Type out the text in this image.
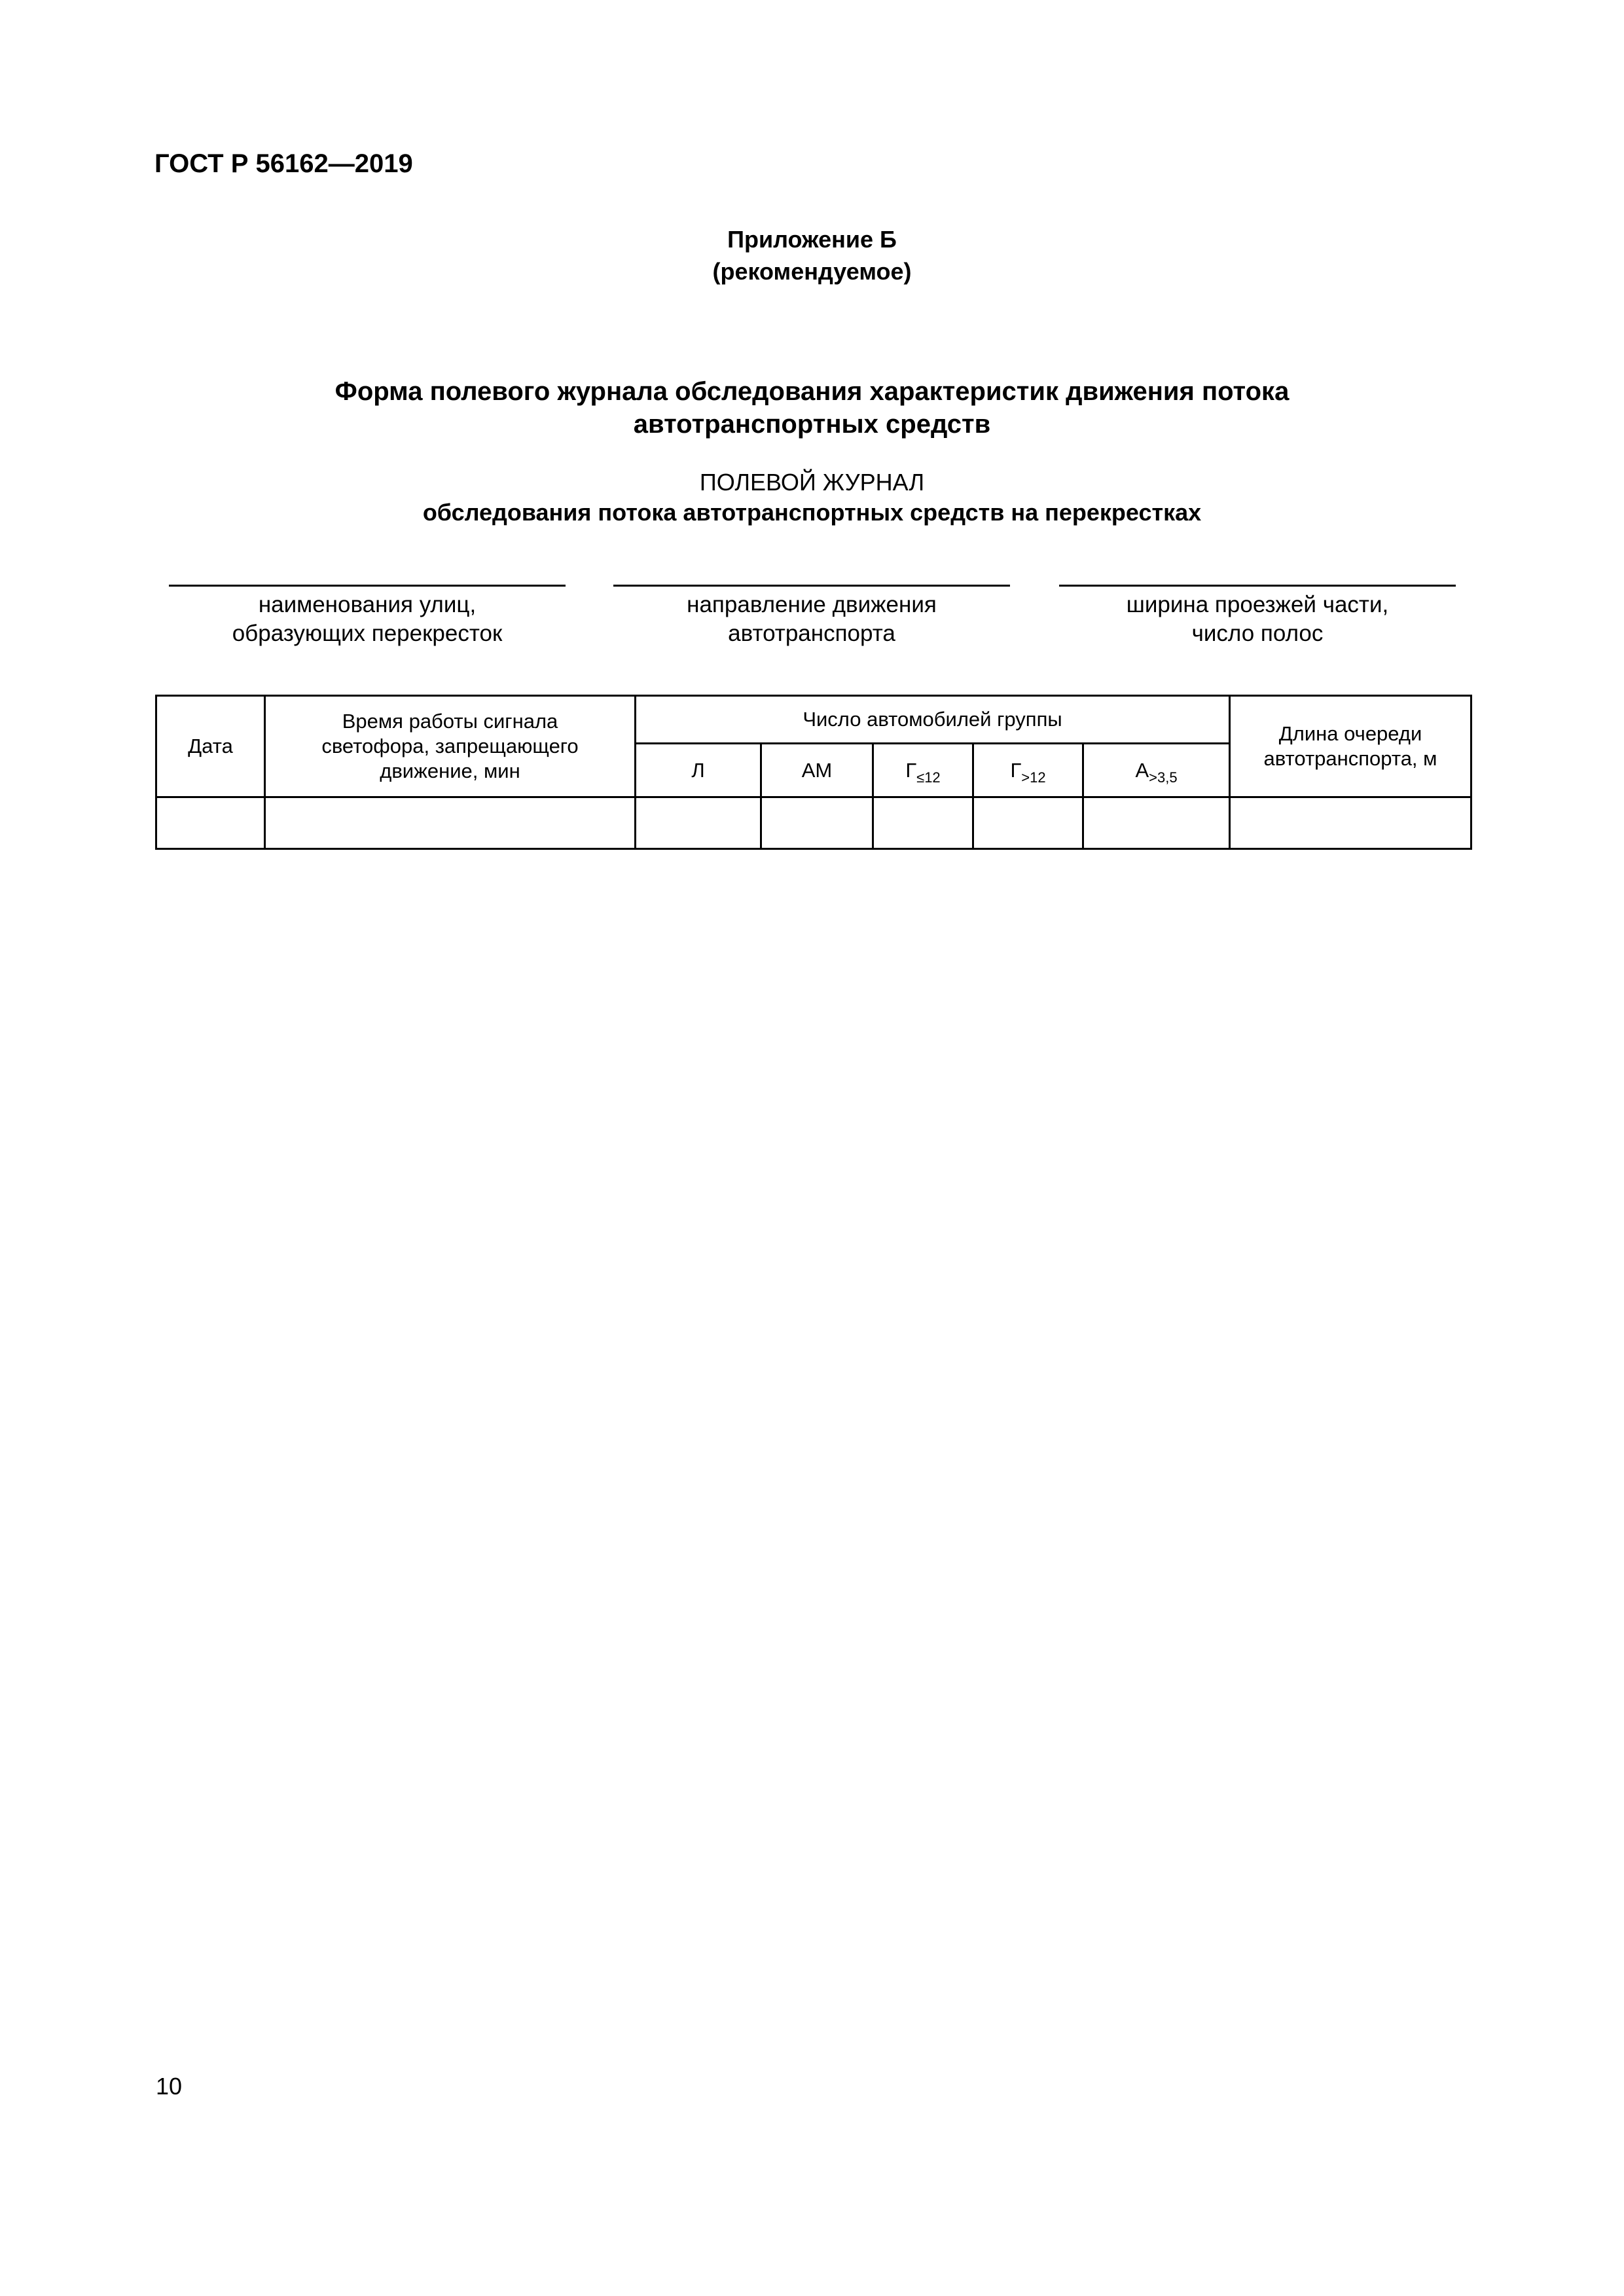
ГОСТ Р 56162—2019
Приложение Б
(рекомендуемое)
Форма полевого журнала обследования характеристик движения потока
автотранспортных средств
ПОЛЕВОЙ ЖУРНАЛ
обследования потока автотранспортных средств на перекрестках
наименования улиц,
образующих перекресток
направление движения
автотранспорта
ширина проезжей части,
число полос
Дата	Время работы сигнала светофора, запрещающего движение, мин	Число автомобилей группы					Длина очереди автотранспорта, м
		Л	АМ	$Г_{\le 12}$	$Г_{>12}$	$А_{>3,5}$

10
